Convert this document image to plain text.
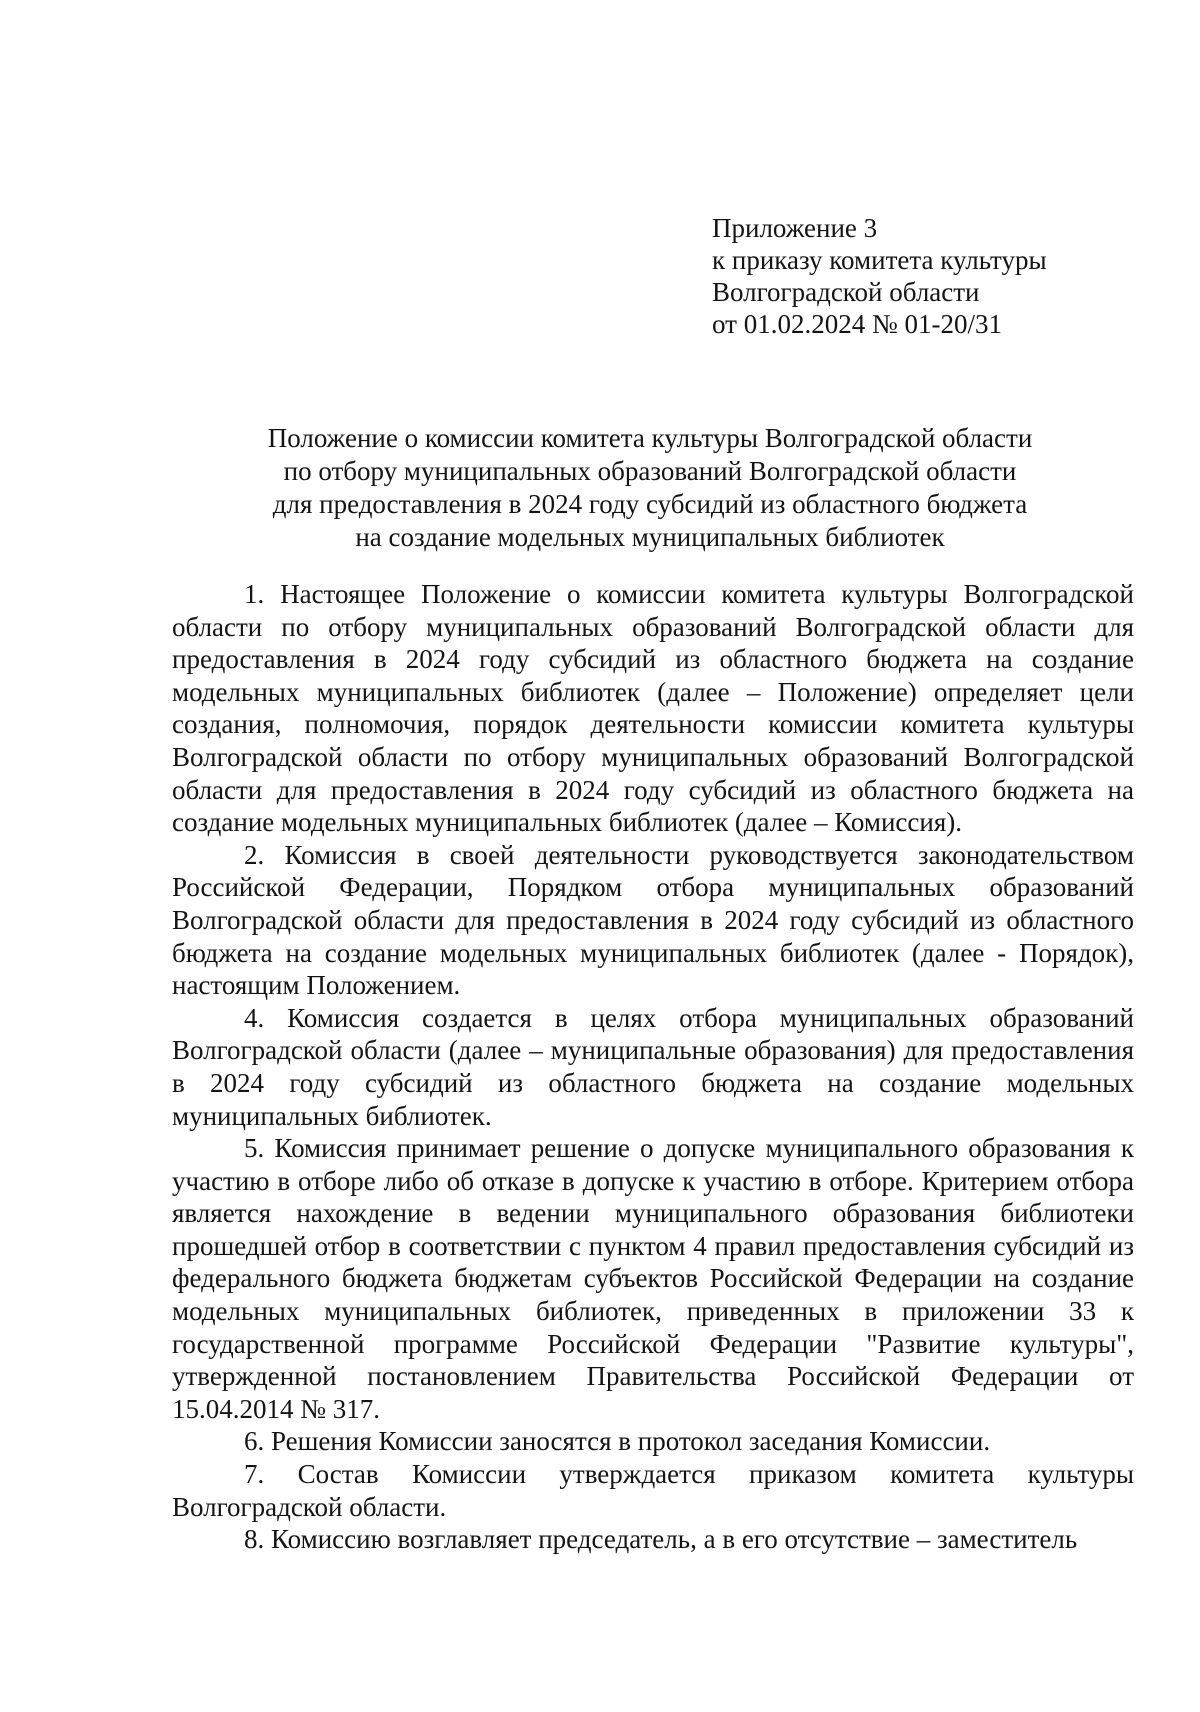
Приложение 3
к приказу комитета культуры
Волгоградской области
от 01.02.2024 № 01-20/31
Положение о комиссии комитета культуры Волгоградской области
по отбору муниципальных образований Волгоградской области
для предоставления в 2024 году субсидий из областного бюджета
на создание модельных муниципальных библиотек

1. Настоящее Положение о комиссии комитета культуры Волгоградской области по отбору муниципальных образований Волгоградской области для предоставления в 2024 году субсидий из областного бюджета на создание модельных муниципальных библиотек (далее – Положение) определяет цели создания, полномочия, порядок деятельности комиссии комитета культуры Волгоградской области по отбору муниципальных образований Волгоградской области для предоставления в 2024 году субсидий из областного бюджета на создание модельных муниципальных библиотек (далее – Комиссия).

2. Комиссия в своей деятельности руководствуется законодательством Российской Федерации, Порядком отбора муниципальных образований Волгоградской области для предоставления в 2024 году субсидий из областного бюджета на создание модельных муниципальных библиотек (далее - Порядок), настоящим Положением.

4. Комиссия создается в целях отбора муниципальных образований Волгоградской области (далее – муниципальные образования) для предоставления в 2024 году субсидий из областного бюджета на создание модельных муниципальных библиотек.

5. Комиссия принимает решение о допуске муниципального образования к участию в отборе либо об отказе в допуске к участию в отборе. Критерием отбора является нахождение в ведении муниципального образования библиотеки прошедшей отбор в соответствии с пунктом 4 правил предоставления субсидий из федерального бюджета бюджетам субъектов Российской Федерации на создание модельных муниципальных библиотек, приведенных в приложении 33 к государственной программе Российской Федерации "Развитие культуры", утвержденной постановлением Правительства Российской Федерации от 15.04.2014 № 317.

6. Решения Комиссии заносятся в протокол заседания Комиссии.

7. Состав Комиссии утверждается приказом комитета культуры Волгоградской области.

8. Комиссию возглавляет председатель, а в его отсутствие – заместитель
